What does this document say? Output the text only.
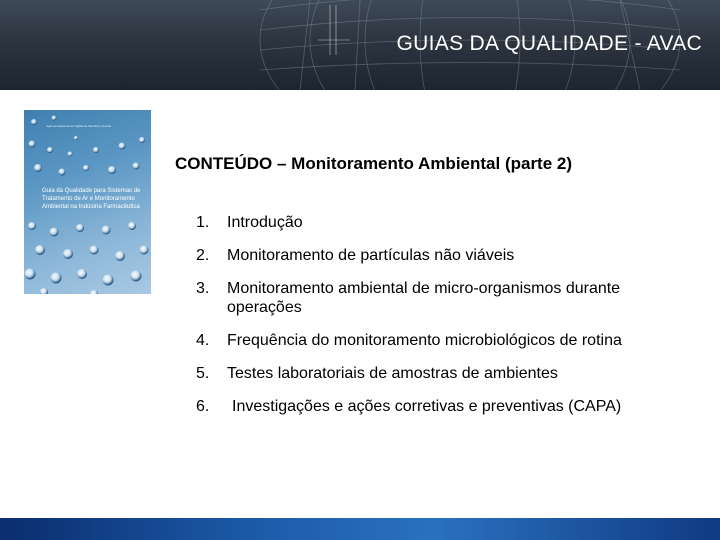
GUIAS DA QUALIDADE - AVAC
Agência Nacional de Vigilância Sanitária | Anvisa
Guia da Qualidade para Sistemas de Tratamento de Ar e Monitoramento Ambiental na Indústria Farmacêutica
CONTEÚDO – Monitoramento Ambiental (parte 2)
1.	Introdução
2.	Monitoramento de partículas não viáveis
3.	Monitoramento ambiental de micro-organismos durante operações
4.	Frequência do monitoramento microbiológicos de rotina
5.	Testes laboratoriais de amostras de ambientes
6.	Investigações e ações corretivas e preventivas (CAPA)
